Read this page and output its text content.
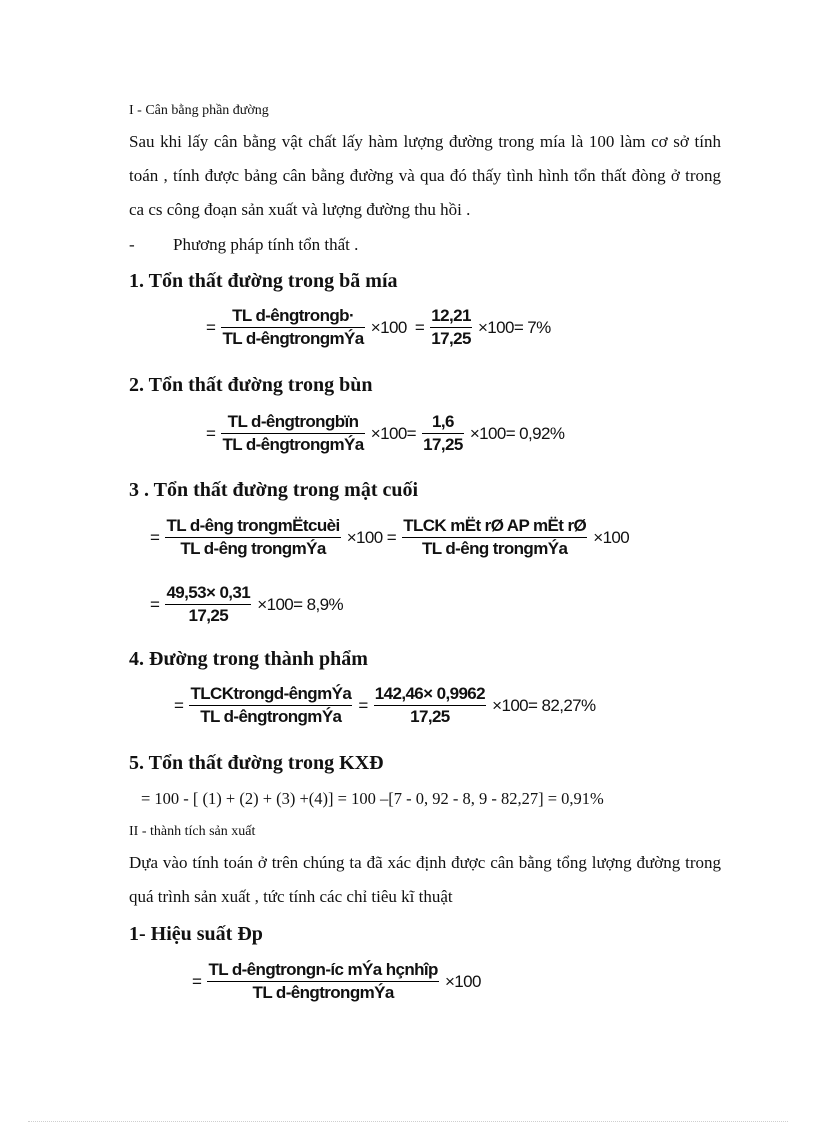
I - Cân bằng phần đường
Sau khi lấy cân bằng vật chất lấy hàm lượng đường trong mía là 100 làm cơ sở tính toán , tính được bảng cân bằng đường và qua đó thấy tình hình tổn thất đòng ở trong ca cs công đoạn sản xuất và lượng đường thu hồi .
- Phương pháp tính tổn thất .
1. Tổn thất đường trong bã mía
= $\frac{\text{TL d-êngtrongb·}}{\text{TL d-êngtrongmÝa}} \times 100 = \frac{12,21}{17,25} \times 100= 7\%$
2. Tổn thất đường trong bùn
= $\frac{\text{TL d-êngtrongbïn}}{\text{TL d-êngtrongmÝa}} \times 100= \frac{1,6}{17,25} \times 100= 0,92\%$
3 . Tổn thất đường trong mật cuối
= $\frac{\text{TL d-êng trongmËtcuèi}}{\text{TL d-êng trongmÝa}} \times 100 = \frac{\text{TLCK mËt rØ AP mËt rØ}}{\text{TL d-êng trongmÝa}} \times 100$
= $\frac{49,53\times 0,31}{17,25} \times 100= 8,9\%$
4. Đường trong thành phẩm
= $\frac{\text{TLCKtrongd-êngmÝa}}{\text{TL d-êngtrongmÝa}} = \frac{142,46\times 0,9962}{17,25} \times 100= 82,27\%$
5. Tổn thất đường trong KXĐ
= 100 - [ (1) + (2) + (3) +(4)] = 100 –[7 - 0, 92 - 8, 9 - 82,27] = 0,91%
II - thành tích sản xuất
Dựa vào tính toán ở trên chúng ta đã xác định được cân bằng tổng lượng đường trong quá trình sản xuất , tức tính các chỉ tiêu kĩ thuật
1- Hiệu suất Đp
= $\frac{\text{TL d-êngtrongn-íc mÝa hçnhîp}}{\text{TL d-êngtrongmÝa}} \times 100$
